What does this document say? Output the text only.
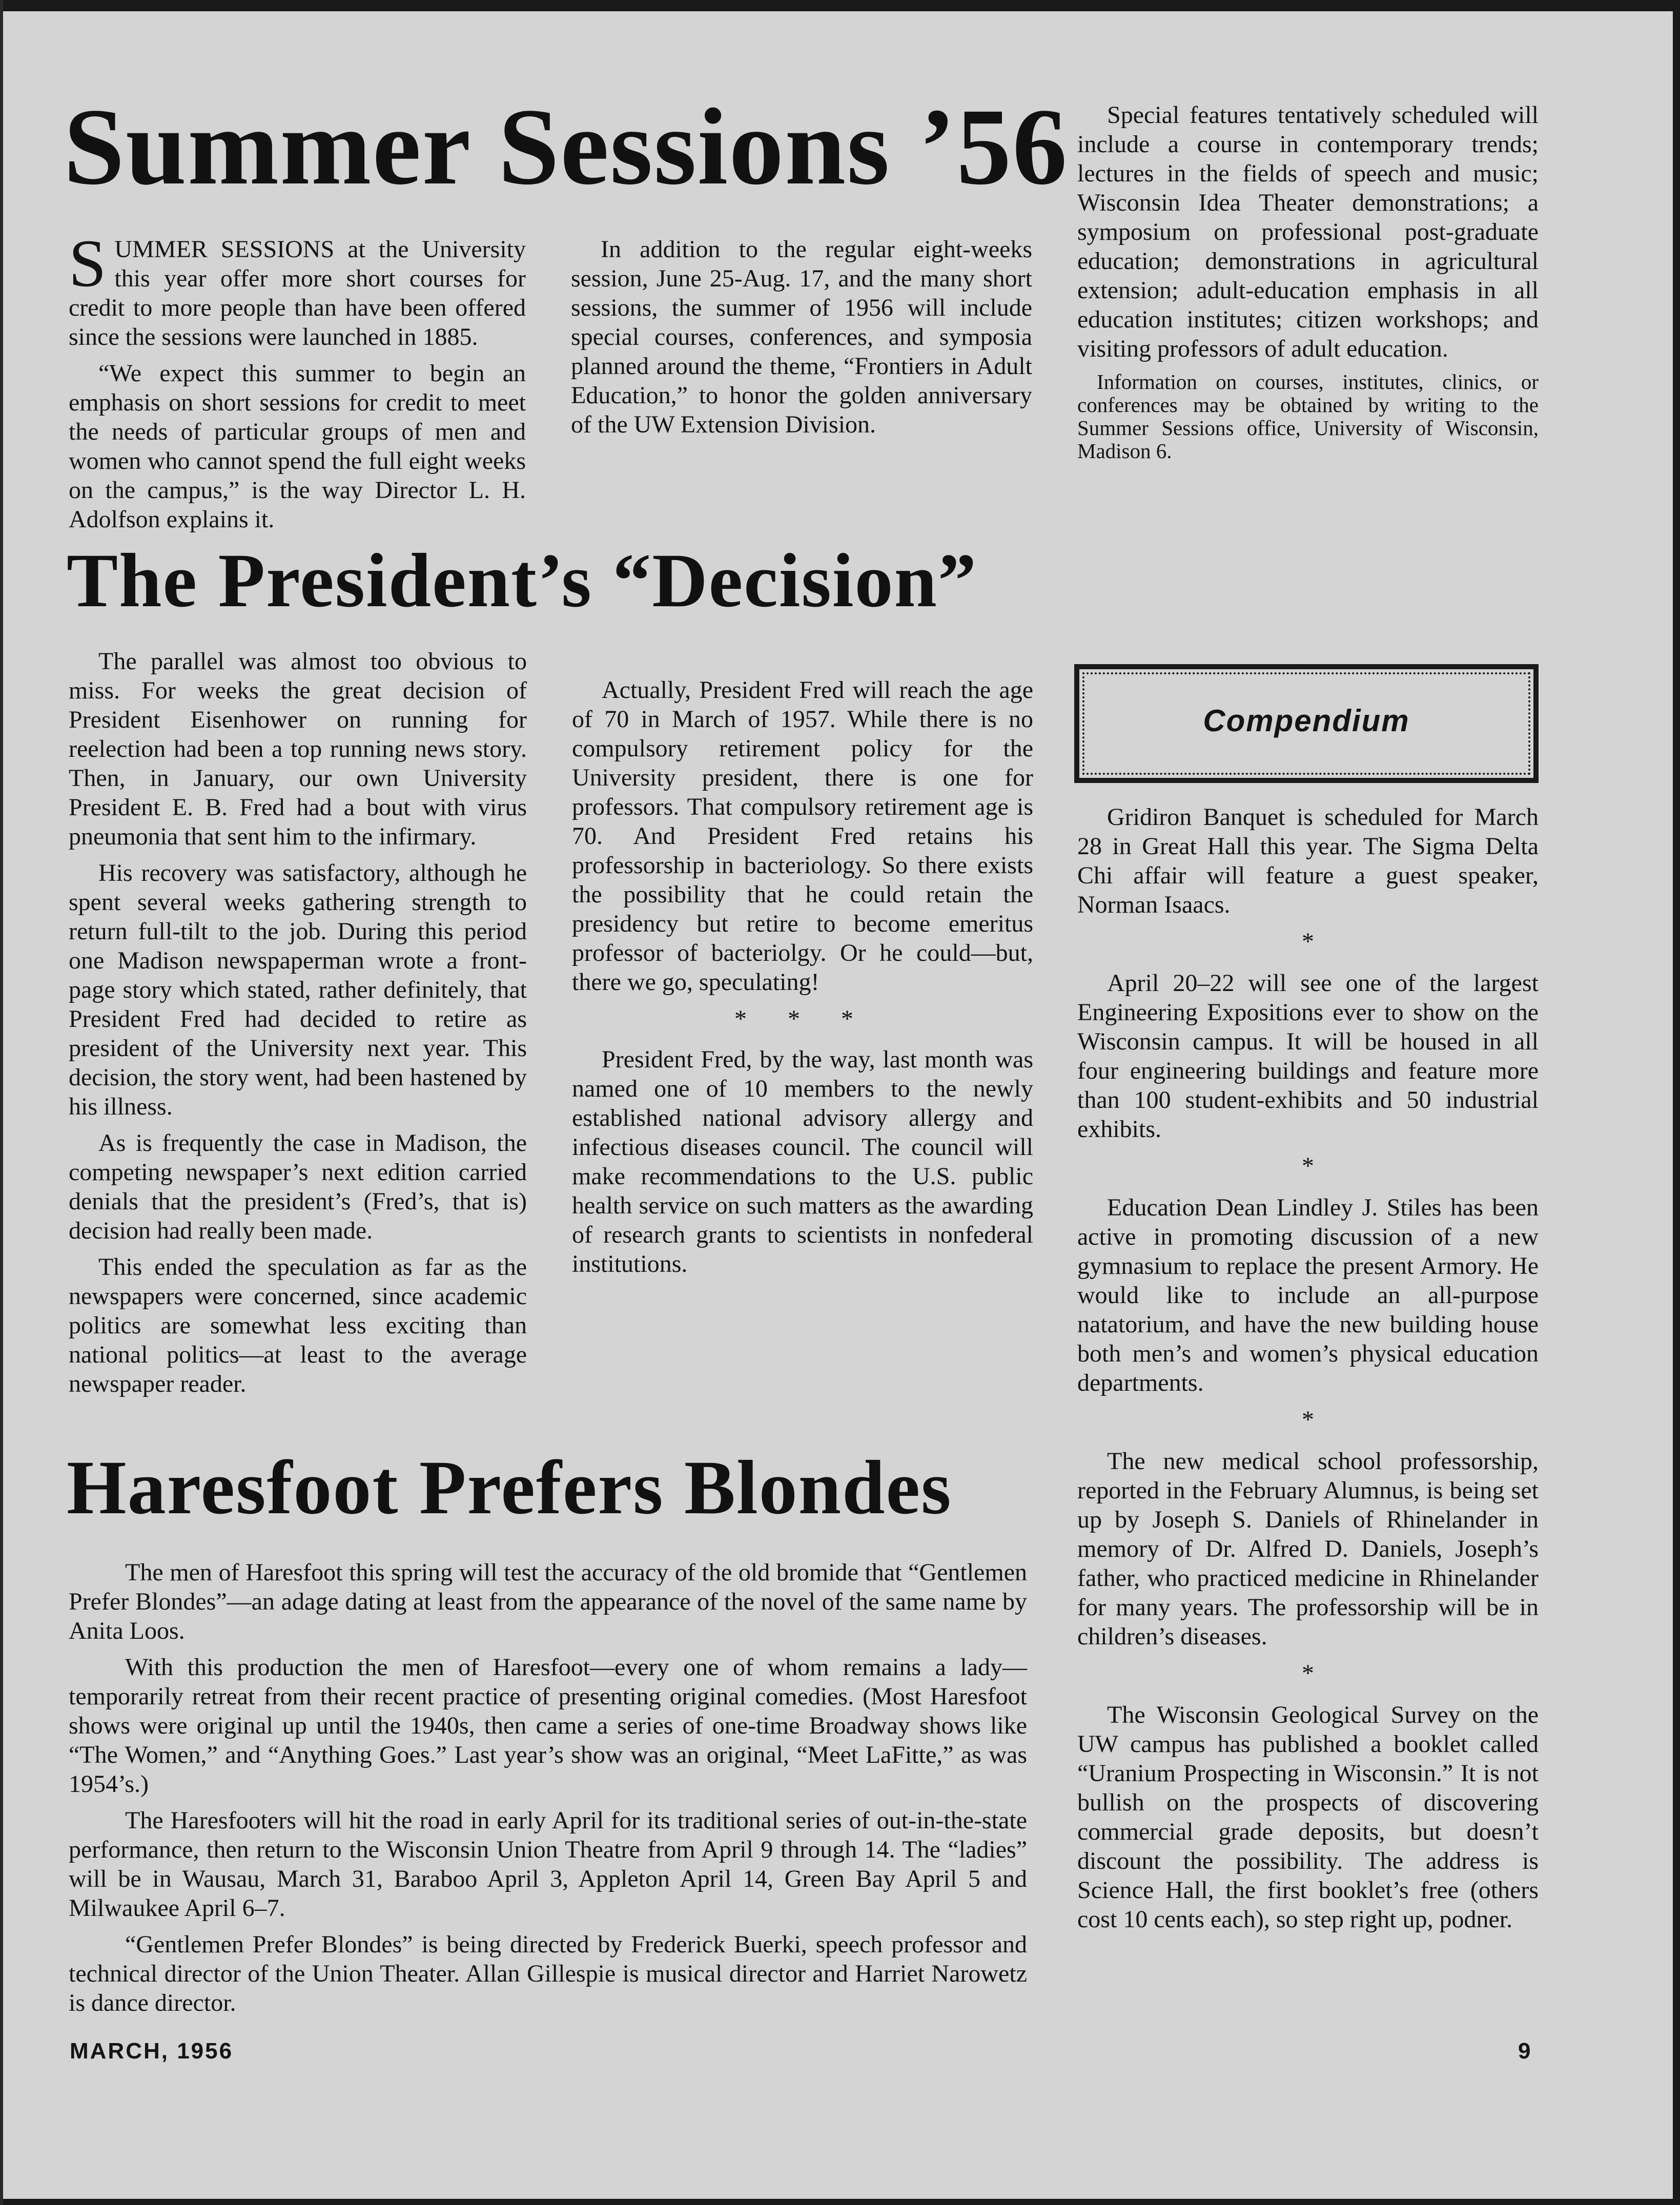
Summer Sessions ’56

SUMMER SESSIONS at the University this year offer more short courses for credit to more people than have been offered since the sessions were launched in 1885.

“We expect this summer to begin an emphasis on short sessions for credit to meet the needs of particular groups of men and women who cannot spend the full eight weeks on the campus,” is the way Director L. H. Adolfson explains it.

In addition to the regular eight-weeks session, June 25-Aug. 17, and the many short sessions, the summer of 1956 will include special courses, conferences, and symposia planned around the theme, “Frontiers in Adult Education,” to honor the golden anniversary of the UW Extension Division.

Special features tentatively scheduled will include a course in contemporary trends; lectures in the fields of speech and music; Wisconsin Idea Theater demonstrations; a symposium on professional post-graduate education; demonstrations in agricultural extension; adult-education emphasis in all education institutes; citizen workshops; and visiting professors of adult education.

Information on courses, institutes, clinics, or conferences may be obtained by writing to the Summer Sessions office, University of Wisconsin, Madison 6.

The President’s “Decision”

The parallel was almost too obvious to miss. For weeks the great decision of President Eisenhower on running for reelection had been a top running news story. Then, in January, our own University President E. B. Fred had a bout with virus pneumonia that sent him to the infirmary.

His recovery was satisfactory, although he spent several weeks gathering strength to return full-tilt to the job. During this period one Madison newspaperman wrote a front-page story which stated, rather definitely, that President Fred had decided to retire as president of the University next year. This decision, the story went, had been hastened by his illness.

As is frequently the case in Madison, the competing newspaper’s next edition carried denials that the president’s (Fred’s, that is) decision had really been made.

This ended the speculation as far as the newspapers were concerned, since academic politics are somewhat less exciting than national politics—at least to the average newspaper reader.

Actually, President Fred will reach the age of 70 in March of 1957. While there is no compulsory retirement policy for the University president, there is one for professors. That compulsory retirement age is 70. And President Fred retains his professorship in bacteriology. So there exists the possibility that he could retain the presidency but retire to become emeritus professor of bacteriolgy. Or he could—but, there we go, speculating!

* * *

President Fred, by the way, last month was named one of 10 members to the newly established national advisory allergy and infectious diseases council. The council will make recommendations to the U.S. public health service on such matters as the awarding of research grants to scientists in nonfederal institutions.

Haresfoot Prefers Blondes

The men of Haresfoot this spring will test the accuracy of the old bromide that “Gentlemen Prefer Blondes”—an adage dating at least from the appearance of the novel of the same name by Anita Loos.

With this production the men of Haresfoot—every one of whom remains a lady—temporarily retreat from their recent practice of presenting original comedies. (Most Haresfoot shows were original up until the 1940s, then came a series of one-time Broadway shows like “The Women,” and “Anything Goes.” Last year’s show was an original, “Meet LaFitte,” as was 1954’s.)

The Haresfooters will hit the road in early April for its traditional series of out-in-the-state performance, then return to the Wisconsin Union Theatre from April 9 through 14. The “ladies” will be in Wausau, March 31, Baraboo April 3, Appleton April 14, Green Bay April 5 and Milwaukee April 6–7.

“Gentlemen Prefer Blondes” is being directed by Frederick Buerki, speech professor and technical director of the Union Theater. Allan Gillespie is musical director and Harriet Narowetz is dance director.

Compendium

Gridiron Banquet is scheduled for March 28 in Great Hall this year. The Sigma Delta Chi affair will feature a guest speaker, Norman Isaacs.

*

April 20–22 will see one of the largest Engineering Expositions ever to show on the Wisconsin campus. It will be housed in all four engineering buildings and feature more than 100 student-exhibits and 50 industrial exhibits.

*

Education Dean Lindley J. Stiles has been active in promoting discussion of a new gymnasium to replace the present Armory. He would like to include an all-purpose natatorium, and have the new building house both men’s and women’s physical education departments.

*

The new medical school professorship, reported in the February Alumnus, is being set up by Joseph S. Daniels of Rhinelander in memory of Dr. Alfred D. Daniels, Joseph’s father, who practiced medicine in Rhinelander for many years. The professorship will be in children’s diseases.

*

The Wisconsin Geological Survey on the UW campus has published a booklet called “Uranium Prospecting in Wisconsin.” It is not bullish on the prospects of discovering commercial grade deposits, but doesn’t discount the possibility. The address is Science Hall, the first booklet’s free (others cost 10 cents each), so step right up, podner.

MARCH, 1956	9
